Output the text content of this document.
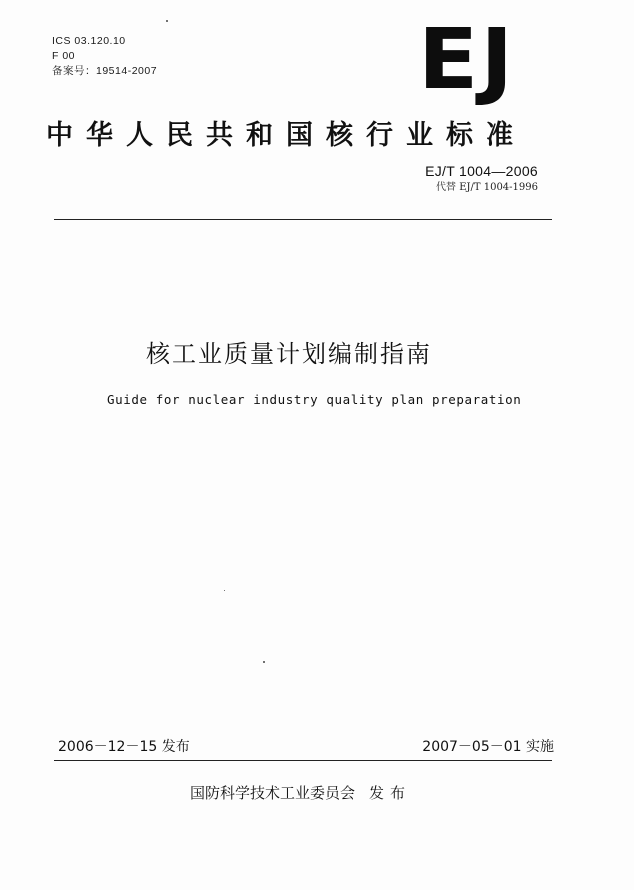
ICS 03.120.10
F 00
备案号：19514-2007	EJ
中华人民共和国核行业标准
EJ/T 1004—2006
代替 EJ/T 1004-1996
核工业质量计划编制指南
Guide for nuclear industry quality plan preparation
2006－12－15 发布	2007－05－01 实施
国防科学技术工业委员会 发布
